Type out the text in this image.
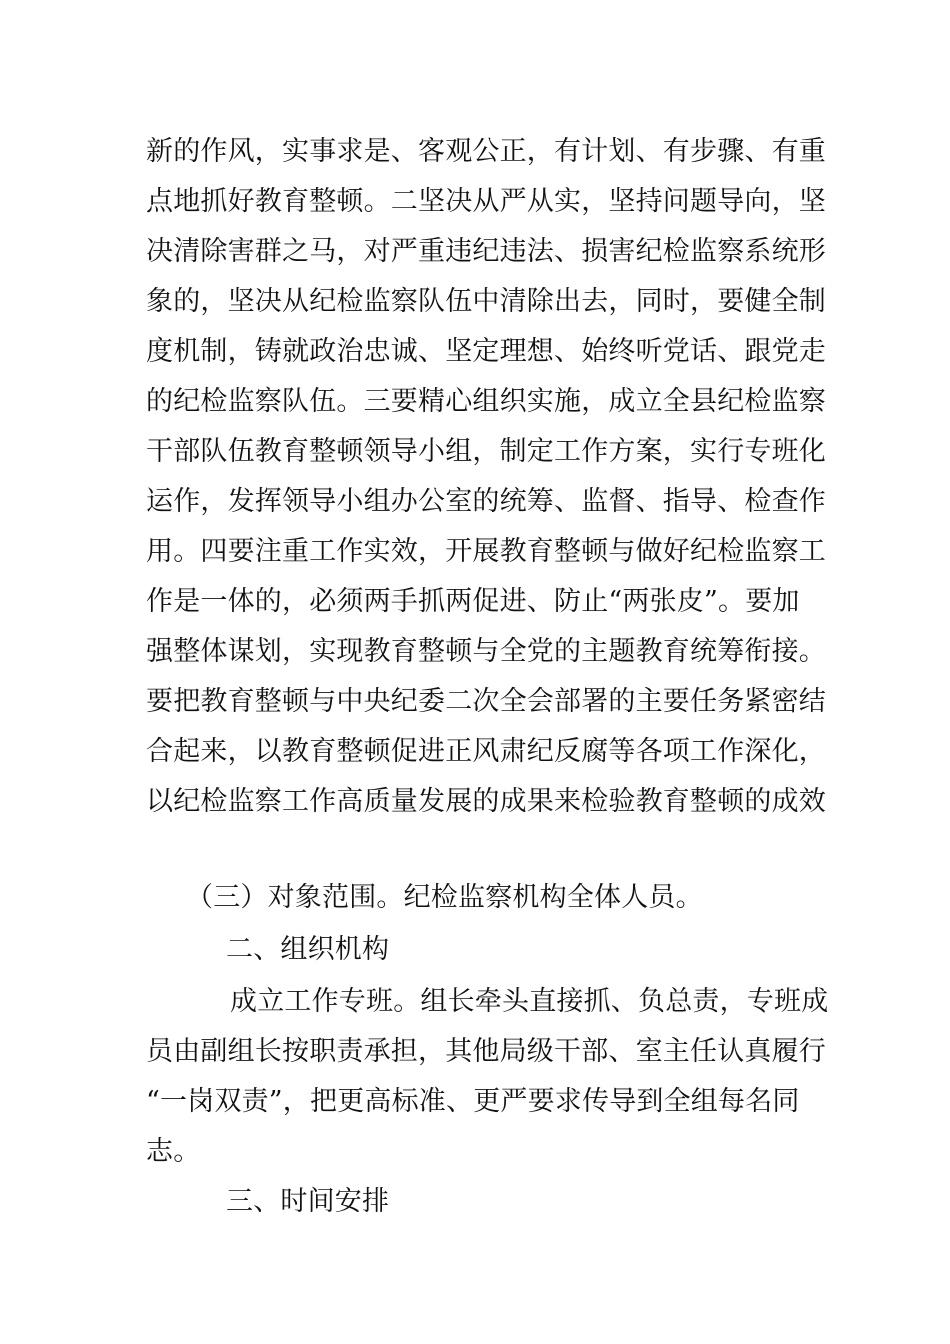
新的作风，实事求是、客观公正，有计划、有步骤、有重
点地抓好教育整顿。二坚决从严从实，坚持问题导向，坚
决清除害群之马，对严重违纪违法、损害纪检监察系统形
象的，坚决从纪检监察队伍中清除出去，同时，要健全制
度机制，铸就政治忠诚、坚定理想、始终听党话、跟党走
的纪检监察队伍。三要精心组织实施，成立全县纪检监察
干部队伍教育整顿领导小组，制定工作方案，实行专班化
运作，发挥领导小组办公室的统筹、监督、指导、检查作
用。四要注重工作实效，开展教育整顿与做好纪检监察工
作是一体的，必须两手抓两促进、防止“两张皮”。要加
强整体谋划，实现教育整顿与全党的主题教育统筹衔接。
要把教育整顿与中央纪委二次全会部署的主要任务紧密结
合起来，以教育整顿促进正风肃纪反腐等各项工作深化，
以纪检监察工作高质量发展的成果来检验教育整顿的成效
（三）对象范围。纪检监察机构全体人员。
二、组织机构
成立工作专班。组长牵头直接抓、负总责，专班成
员由副组长按职责承担，其他局级干部、室主任认真履行
“一岗双责”，把更高标准、更严要求传导到全组每名同
志。
三、时间安排
